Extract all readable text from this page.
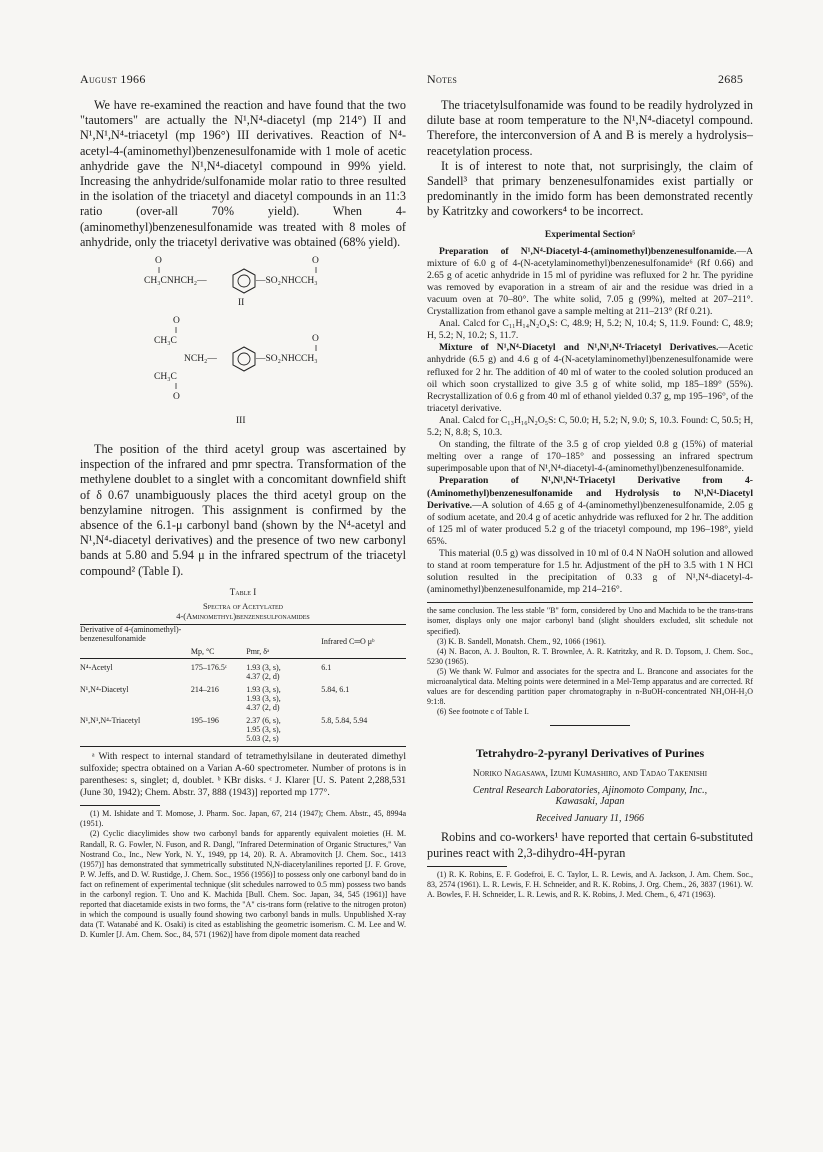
August 1966	Notes	2685

We have re-examined the reaction and have found that the two "tautomers" are actually the N¹,N⁴-diacetyl (mp 214°) II and N¹,N¹,N⁴-triacetyl (mp 196°) III derivatives. Reaction of N⁴-acetyl-4-(aminomethyl)benzenesulfonamide with 1 mole of acetic anhydride gave the N¹,N⁴-diacetyl compound in 99% yield. Increasing the anhydride/sulfonamide molar ratio to three resulted in the isolation of the triacetyl and diacetyl compounds in an 11:3 ratio (over-all 70% yield). When 4-(aminomethyl)benzenesulfonamide was treated with 8 moles of anhydride, only the triacetyl derivative was obtained (68% yield).

O	O
‖	‖
CH₃CNHCH₂—	—SO₂NHCCH₃
II
O
‖
CH₃C
NCH₂—	—SO₂NHCCH₃
O
‖
CH₃C
‖
O
III

The position of the third acetyl group was ascertained by inspection of the infrared and pmr spectra. Transformation of the methylene doublet to a singlet with a concomitant downfield shift of δ 0.67 unambiguously places the third acetyl group on the benzylamine nitrogen. This assignment is confirmed by the absence of the 6.1-μ carbonyl band (shown by the N⁴-acetyl and N¹,N⁴-diacetyl derivatives) and the presence of two new carbonyl bands at 5.80 and 5.94 μ in the infrared spectrum of the triacetyl compound² (Table I).

Table I
Spectra of Acetylated
4-(Aminomethyl)benzenesulfonamides
Derivative of 4-(aminomethyl)-benzenesulfonamide	Mp, °C	Pmr, δᵃ	Infrared C═O μᵇ

N⁴-Acetyl	175–176.5ᶜ	1.93 (3, s),
4.37 (2, d)	6.1
N¹,N⁴-Diacetyl	214–216	1.93 (3, s),
1.93 (3, s),
4.37 (2, d)	5.84, 6.1
N¹,N¹,N⁴-Triacetyl	195–196	2.37 (6, s),
1.95 (3, s),
5.03 (2, s)	5.8, 5.84, 5.94

ᵃ With respect to internal standard of tetramethylsilane in deuterated dimethyl sulfoxide; spectra obtained on a Varian A-60 spectrometer. Number of protons is in parentheses: s, singlet; d, doublet. ᵇ KBr disks. ᶜ J. Klarer [U. S. Patent 2,288,531 (June 30, 1942); Chem. Abstr. 37, 888 (1943)] reported mp 177°.

(1) M. Ishidate and T. Momose, J. Pharm. Soc. Japan, 67, 214 (1947); Chem. Abstr., 45, 8994a (1951).

(2) Cyclic diacylimides show two carbonyl bands for apparently equivalent moieties (H. M. Randall, R. G. Fowler, N. Fuson, and R. Dangl, "Infrared Determination of Organic Structures," Van Nostrand Co., Inc., New York, N. Y., 1949, pp 14, 20). R. A. Abramovitch [J. Chem. Soc., 1413 (1957)] has demonstrated that symmetrically substituted N,N-diacetylanilines reported [J. F. Grove, P. W. Jeffs, and D. W. Rustidge, J. Chem. Soc., 1956 (1956)] to possess only one carbonyl band do in fact on refinement of experimental technique (slit schedules narrowed to 0.5 mm) possess two bands in the carbonyl region. T. Uno and K. Machida [Bull. Chem. Soc. Japan, 34, 545 (1961)] have reported that diacetamide exists in two forms, the "A" cis-trans form (relative to the nitrogen proton) in which the compound is usually found showing two carbonyl bands in mulls. Unpublished X-ray data (T. Watanabé and K. Osaki) is cited as establishing the geometric isomerism. C. M. Lee and W. D. Kumler [J. Am. Chem. Soc., 84, 571 (1962)] have from dipole moment data reached

The triacetylsulfonamide was found to be readily hydrolyzed in dilute base at room temperature to the N¹,N⁴-diacetyl compound. Therefore, the interconversion of A and B is merely a hydrolysis–reacetylation process.

It is of interest to note that, not surprisingly, the claim of Sandell³ that primary benzenesulfonamides exist partially or predominantly in the imido form has been demonstrated recently by Katritzky and coworkers⁴ to be incorrect.

Experimental Section⁵

Preparation of N¹,N⁴-Diacetyl-4-(aminomethyl)benzenesulfonamide.—A mixture of 6.0 g of 4-(N-acetylaminomethyl)benzenesulfonamide⁶ (Rf 0.66) and 2.65 g of acetic anhydride in 15 ml of pyridine was refluxed for 2 hr. The pyridine was removed by evaporation in a stream of air and the residue was dried in a vacuum oven at 70–80°. The white solid, 7.05 g (99%), melted at 207–211°. Crystallization from ethanol gave a sample melting at 211–213° (Rf 0.21).

Anal. Calcd for C₁₁H₁₄N₂O₄S: C, 48.9; H, 5.2; N, 10.4; S, 11.9. Found: C, 48.9; H, 5.2; N, 10.2; S, 11.7.

Mixture of N¹,N⁴-Diacetyl and N¹,N¹,N⁴-Triacetyl Derivatives.—Acetic anhydride (6.5 g) and 4.6 g of 4-(N-acetylaminomethyl)benzenesulfonamide were refluxed for 2 hr. The addition of 40 ml of water to the cooled solution produced an oil which soon crystallized to give 3.5 g of white solid, mp 185–189° (55%). Recrystallization of 0.6 g from 40 ml of ethanol yielded 0.37 g, mp 195–196°, of the triacetyl derivative.

Anal. Calcd for C₁₃H₁₆N₂O₅S: C, 50.0; H, 5.2; N, 9.0; S, 10.3. Found: C, 50.5; H, 5.2; N, 8.8; S, 10.3.

On standing, the filtrate of the 3.5 g of crop yielded 0.8 g (15%) of material melting over a range of 170–185° and possessing an infrared spectrum superimposable upon that of N¹,N⁴-diacetyl-4-(aminomethyl)benzenesulfonamide.

Preparation of N¹,N¹,N⁴-Triacetyl Derivative from 4-(Aminomethyl)benzenesulfonamide and Hydrolysis to N¹,N⁴-Diacetyl Derivative.—A solution of 4.65 g of 4-(aminomethyl)benzenesulfonamide, 2.05 g of sodium acetate, and 20.4 g of acetic anhydride was refluxed for 2 hr. The addition of 125 ml of water produced 5.2 g of the triacetyl compound, mp 196–198°, yield 65%.

This material (0.5 g) was dissolved in 10 ml of 0.4 N NaOH solution and allowed to stand at room temperature for 1.5 hr. Adjustment of the pH to 3.5 with 1 N HCl solution resulted in the precipitation of 0.33 g of N¹,N⁴-diacetyl-4-(aminomethyl)benzenesulfonamide, mp 214–216°.

the same conclusion. The less stable "B" form, considered by Uno and Machida to be the trans-trans isomer, displays only one major carbonyl band (slight shoulders excluded, slit schedule not specified).

(3) K. B. Sandell, Monatsh. Chem., 92, 1066 (1961).

(4) N. Bacon, A. J. Boulton, R. T. Brownlee, A. R. Katritzky, and R. D. Topsom, J. Chem. Soc., 5230 (1965).

(5) We thank W. Fulmor and associates for the spectra and L. Brancone and associates for the microanalytical data. Melting points were determined in a Mel-Temp apparatus and are corrected. Rf values are for descending partition paper chromatography in n-BuOH-concentrated NH₄OH-H₂O 9:1:8.

(6) See footnote c of Table I.

Tetrahydro-2-pyranyl Derivatives of Purines
Noriko Nagasawa, Izumi Kumashiro, and Tadao Takenishi
Central Research Laboratories, Ajinomoto Company, Inc.,
Kawasaki, Japan
Received January 11, 1966

Robins and co-workers¹ have reported that certain 6-substituted purines react with 2,3-dihydro-4H-pyran

(1) R. K. Robins, E. F. Godefroi, E. C. Taylor, L. R. Lewis, and A. Jackson, J. Am. Chem. Soc., 83, 2574 (1961). L. R. Lewis, F. H. Schneider, and R. K. Robins, J. Org. Chem., 26, 3837 (1961). W. A. Bowles, F. H. Schneider, L. R. Lewis, and R. K. Robins, J. Med. Chem., 6, 471 (1963).
